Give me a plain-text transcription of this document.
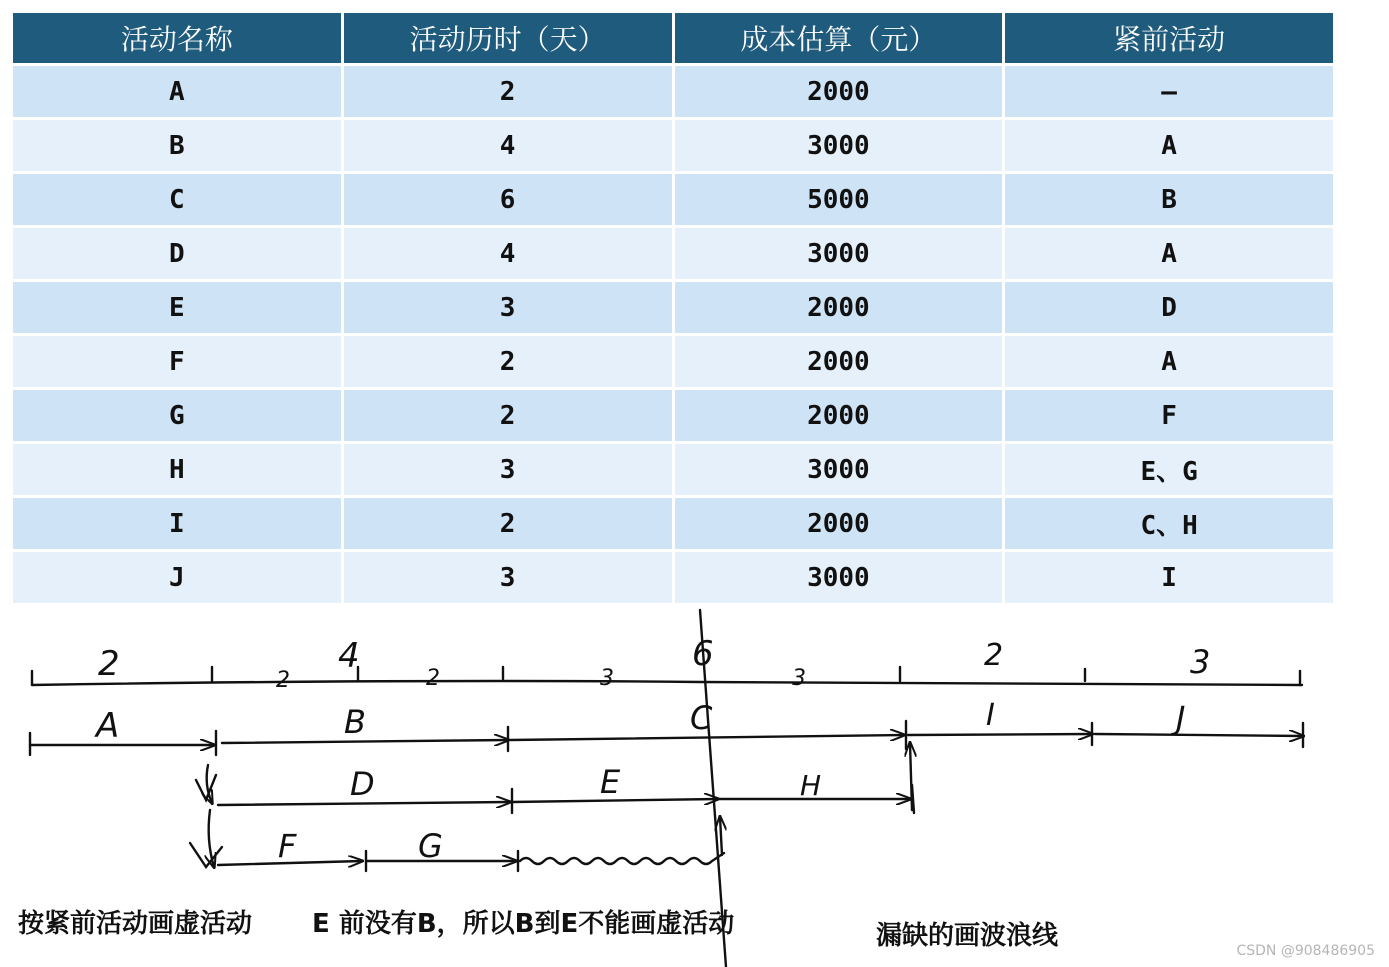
活动名称	活动历时（天）	成本估算（元）	紧前活动
A	2	2000	—
B	4	3000	A
C	6	5000	B
D	4	3000	A
E	3	2000	D
F	2	2000	A
G	2	2000	F
H	3	3000	E、G
I	2	2000	C、H
J	3	3000	I
2	4	6	2	3
2	2	3	3
A	B	C	I	J
D	E	H
F	G
按紧前活动画虚活动 E 前没有B，所以B到E不能画虚活动	漏缺的画波浪线	CSDN @908486905
